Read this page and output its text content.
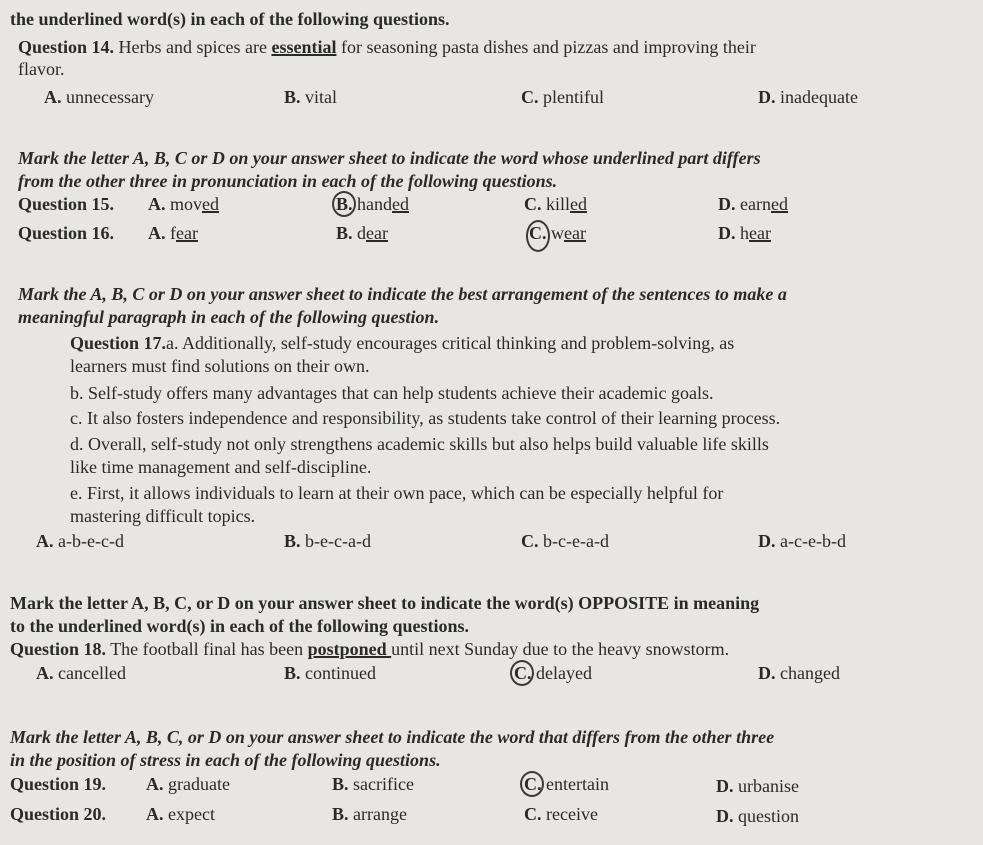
the underlined word(s) in each of the following questions.
Question 14. Herbs and spices are essential for seasoning pasta dishes and pizzas and improving their
flavor.
A. unnecessary	B. vital	C. plentiful	D. inadequate
Mark the letter A, B, C or D on your answer sheet to indicate the word whose underlined part differs
from the other three in pronunciation in each of the following questions.
Question 15. A. moved	B. handed	C. killed	D. earned
Question 16. A. fear	B. dear	C. wear	D. hear
Mark the A, B, C or D on your answer sheet to indicate the best arrangement of the sentences to make a
meaningful paragraph in each of the following question.
Question 17.a. Additionally, self-study encourages critical thinking and problem-solving, as
learners must find solutions on their own.
b. Self-study offers many advantages that can help students achieve their academic goals.
c. It also fosters independence and responsibility, as students take control of their learning process.
d. Overall, self-study not only strengthens academic skills but also helps build valuable life skills
like time management and self-discipline.
e. First, it allows individuals to learn at their own pace, which can be especially helpful for
mastering difficult topics.
A. a-b-e-c-d	B. b-e-c-a-d	C. b-c-e-a-d	D. a-c-e-b-d
Mark the letter A, B, C, or D on your answer sheet to indicate the word(s) OPPOSITE in meaning
to the underlined word(s) in each of the following questions.
Question 18. The football final has been postponed until next Sunday due to the heavy snowstorm.
A. cancelled	B. continued	C. delayed	D. changed
Mark the letter A, B, C, or D on your answer sheet to indicate the word that differs from the other three
in the position of stress in each of the following questions.
Question 19. A. graduate	B. sacrifice	C. entertain	D. urbanise
Question 20. A. expect	B. arrange	C. receive	D. question
